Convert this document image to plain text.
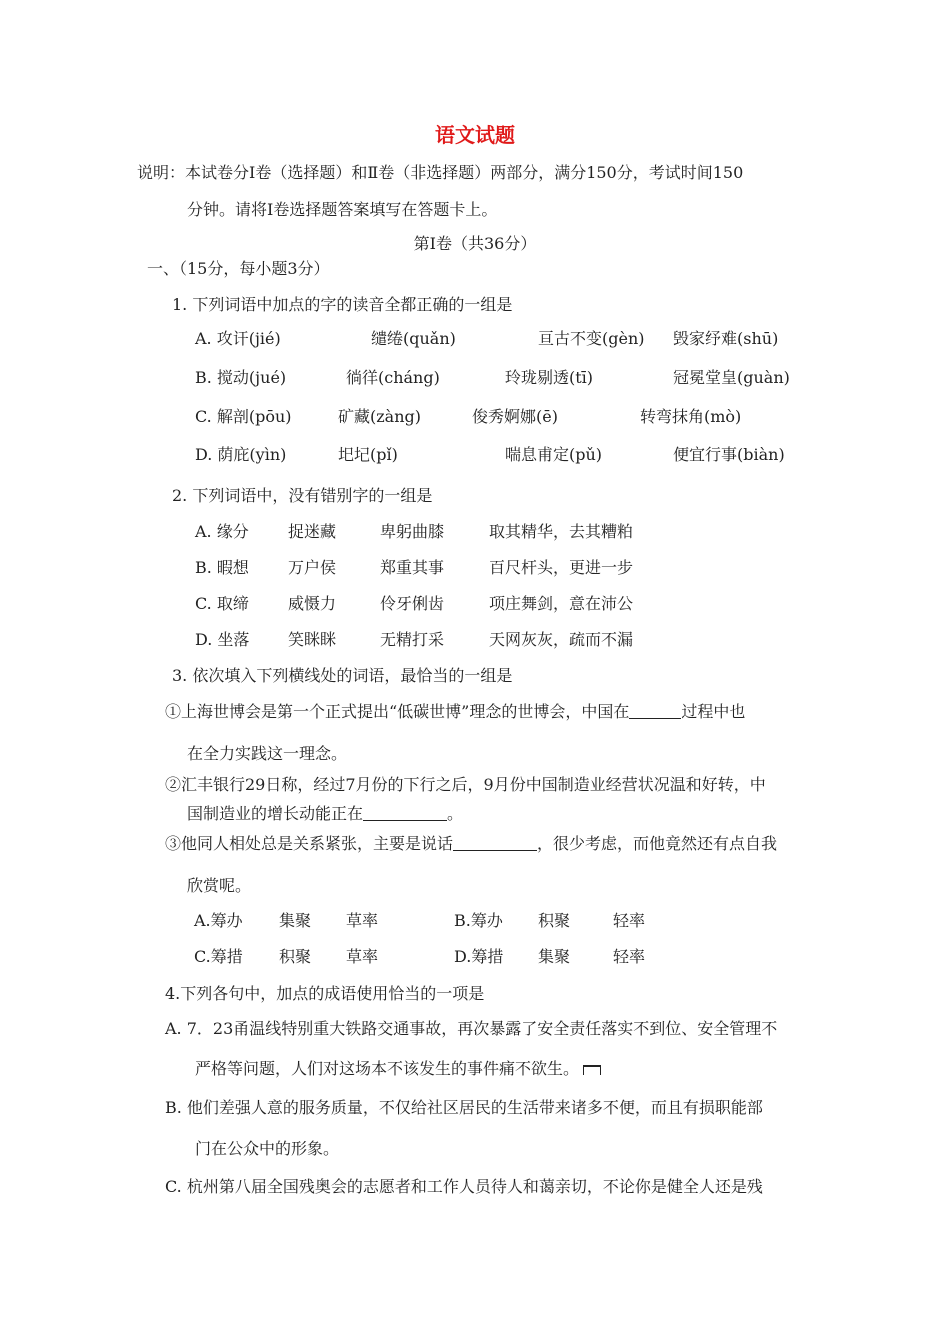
语文试题
说明：本试卷分Ⅰ卷（选择题）和Ⅱ卷（非选择题）两部分，满分150分，考试时间150
分钟。请将Ⅰ卷选择题答案填写在答题卡上。
第Ⅰ卷（共36分）
一、（15分，每小题3分）
1. 下列词语中加点的字的读音全都正确的一组是
A. 攻讦(jié)	缱绻(quǎn)	亘古不变(gèn) 毁家纾难(shū)
B. 搅动(jué)	徜徉(cháng)	玲珑剔透(tī)	冠冕堂皇(guàn)
C. 解剖(pōu)	矿藏(zàng)	俊秀婀娜(ē)	转弯抹角(mò)
D. 荫庇(yìn)	圯圮(pǐ)	喘息甫定(pǔ)	便宜行事(biàn)
2. 下列词语中，没有错别字的一组是
A. 缘分 捉迷藏	卑躬曲膝	取其精华，去其糟粕
B. 暇想 万户侯	郑重其事	百尺杆头，更进一步
C. 取缔 威慑力	伶牙俐齿	项庄舞剑，意在沛公
D. 坐落 笑眯眯	无精打采	天网灰灰，疏而不漏
3. 依次填入下列横线处的词语，最恰当的一组是
①上海世博会是第一个正式提出“低碳世博”理念的世博会，中国在	过程中也
在全力实践这一理念。
②汇丰银行29日称，经过7月份的下行之后，9月份中国制造业经营状况温和好转，中
国制造业的增长动能正在	。
③他同人相处总是关系紧张，主要是说话	，很少考虑，而他竟然还有点自我
欣赏呢。
A.筹办 集聚 草率	B.筹办 积聚	轻率
C.筹措 积聚 草率	D.筹措 集聚	轻率
4.下列各句中，加点的成语使用恰当的一项是
A. 7．23甬温线特别重大铁路交通事故，再次暴露了安全责任落实不到位、安全管理不
严格等问题，人们对这场本不该发生的事件痛不欲生。
B. 他们差强人意的服务质量，不仅给社区居民的生活带来诸多不便，而且有损职能部
门在公众中的形象。
C. 杭州第八届全国残奥会的志愿者和工作人员待人和蔼亲切，不论你是健全人还是残
